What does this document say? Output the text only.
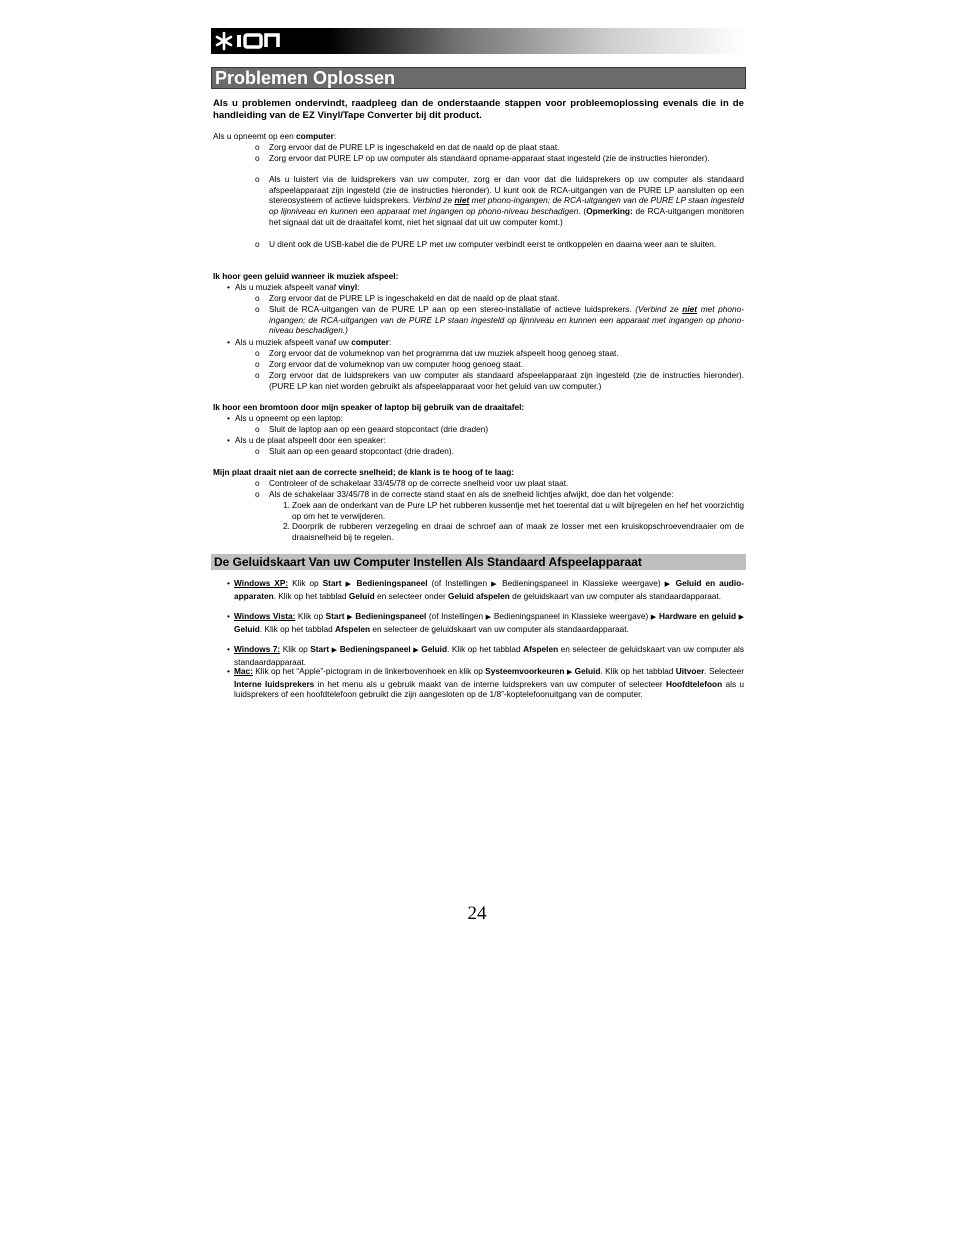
Problemen Oplossen
Als u problemen ondervindt, raadpleeg dan de onderstaande stappen voor probleemoplossing evenals die in de handleiding van de EZ Vinyl/Tape Converter bij dit product.
Als u opneemt op een computer:
o Zorg ervoor dat de PURE LP is ingeschakeld en dat de naald op de plaat staat.
o Zorg ervoor dat PURE LP op uw computer als standaard opname-apparaat staat ingesteld (zie de instructies hieronder).
o Als u luistert via de luidsprekers van uw computer, zorg er dan voor dat die luidsprekers op uw computer als standaard afspeelapparaat zijn ingesteld (zie de instructies hieronder). U kunt ook de RCA-uitgangen van de PURE LP aansluiten op een stereosysteem of actieve luidsprekers. Verbind ze niet met phono-ingangen; de RCA-uitgangen van de PURE LP staan ingesteld op lijnniveau en kunnen een apparaat met ingangen op phono-niveau beschadigen. (Opmerking: de RCA-uitgangen monitoren het signaal dat uit de draaitafel komt, niet het signaal dat uit uw computer komt.)
o U dient ook de USB-kabel die de PURE LP met uw computer verbindt eerst te ontkoppelen en daarna weer aan te sluiten.
Ik hoor geen geluid wanneer ik muziek afspeel:
• Als u muziek afspeelt vanaf vinyl:
o Zorg ervoor dat de PURE LP is ingeschakeld en dat de naald op de plaat staat.
o Sluit de RCA-uitgangen van de PURE LP aan op een stereo-installatie of actieve luidsprekers. (Verbind ze niet met phono-ingangen; de RCA-uitgangen van de PURE LP staan ingesteld op lijnniveau en kunnen een apparaat met ingangen op phono-niveau beschadigen.)
• Als u muziek afspeelt vanaf uw computer:
o Zorg ervoor dat de volumeknop van het programma dat uw muziek afspeelt hoog genoeg staat.
o Zorg ervoor dat de volumeknop van uw computer hoog genoeg staat.
o Zorg ervoor dat de luidsprekers van uw computer als standaard afspeelapparaat zijn ingesteld (zie de instructies hieronder). (PURE LP kan niet worden gebruikt als afspeelapparaat voor het geluid van uw computer.)
Ik hoor een bromtoon door mijn speaker of laptop bij gebruik van de draaitafel:
• Als u opneemt op een laptop:
o Sluit de laptop aan op een geaard stopcontact (drie draden)
• Als u de plaat afspeelt door een speaker:
o Sluit aan op een geaard stopcontact (drie draden).
Mijn plaat draait niet aan de correcte snelheid; de klank is te hoog of te laag:
o Controleer of de schakelaar 33/45/78 op de correcte snelheid voor uw plaat staat.
o Als de schakelaar 33/45/78 in de correcte stand staat en als de snelheid lichtjes afwijkt, doe dan het volgende:
1. Zoek aan de onderkant van de Pure LP het rubberen kussentje met het toerental dat u wilt bijregelen en hef het voorzichtig op om het te verwijderen.
2. Doorprik de rubberen verzegeling en draai de schroef aan of maak ze losser met een kruiskopschroevendraaier om de draaisnelheid bij te regelen.
De Geluidskaart Van uw Computer Instellen Als Standaard Afspeelapparaat
• Windows XP: Klik op Start ▶ Bedieningspaneel (of Instellingen ▶ Bedieningspaneel in Klassieke weergave) ▶ Geluid en audio-apparaten. Klik op het tabblad Geluid en selecteer onder Geluid afspelen de geluidskaart van uw computer als standaardapparaat.
• Windows Vista: Klik op Start ▶ Bedieningspaneel (of Instellingen ▶ Bedieningspaneel in Klassieke weergave) ▶ Hardware en geluid ▶ Geluid. Klik op het tabblad Afspelen en selecteer de geluidskaart van uw computer als standaardapparaat.
• Windows 7: Klik op Start ▶ Bedieningspaneel ▶ Geluid. Klik op het tabblad Afspelen en selecteer de geluidskaart van uw computer als standaardapparaat.
• Mac: Klik op het “Apple”-pictogram in de linkerbovenhoek en klik op Systeemvoorkeuren ▶ Geluid. Klik op het tabblad Uitvoer. Selecteer Interne luidsprekers in het menu als u gebruik maakt van de interne luidsprekers van uw computer of selecteer Hoofdtelefoon als u luidsprekers of een hoofdtelefoon gebruikt die zijn aangesloten op de 1/8”-koptelefoonuitgang van de computer.
24
